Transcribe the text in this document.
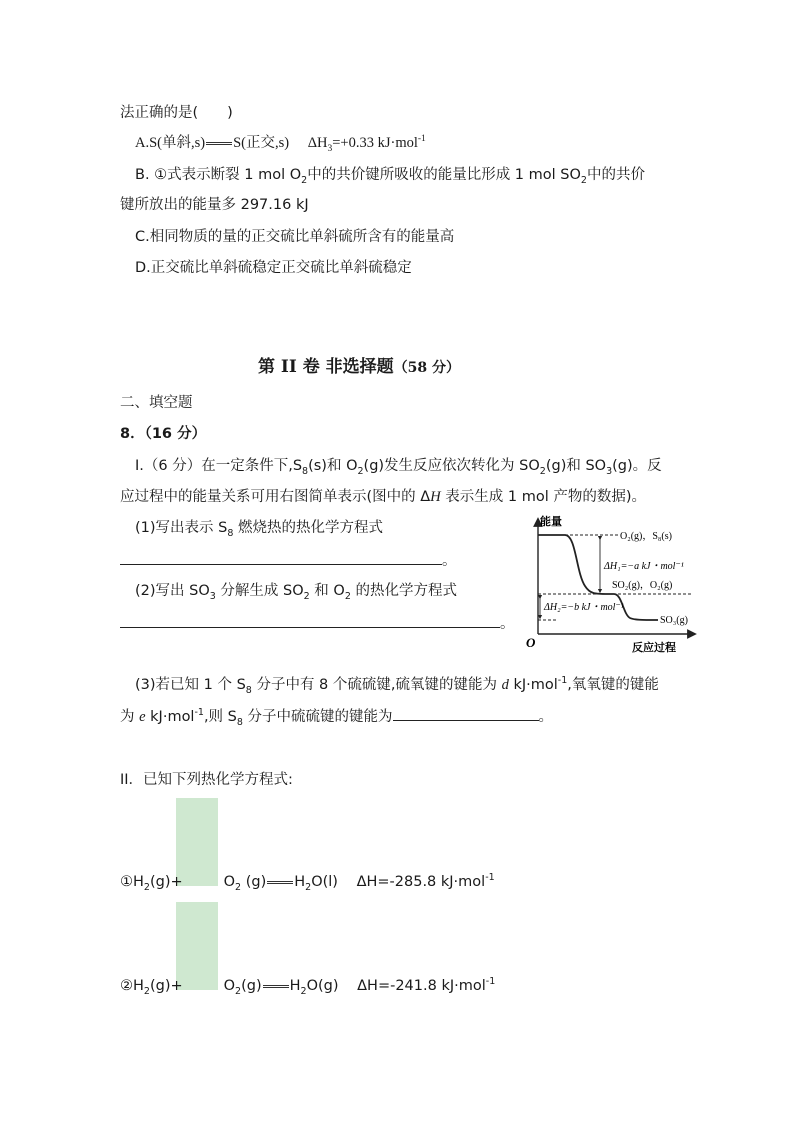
法正确的是(　　)
A.S(单斜,s) S(正交,s) $\Delta H_3=+0.33$ kJ·mol$^{-1}$
B. ①式表示断裂 1 mol $O_2$中的共价键所吸收的能量比形成 1 mol $SO_2$中的共价
键所放出的能量多 297.16 kJ
C.相同物质的量的正交硫比单斜硫所含有的能量高
D.正交硫比单斜硫稳定正交硫比单斜硫稳定
第 II 卷 非选择题（58 分）
二、填空题
8．（16 分）
Ⅰ.（6 分）在一定条件下$,S_8(s)$和 $O_2(g)$发生反应依次转化为 $SO_2(g)$和 $SO_3(g)$。反
应过程中的能量关系可用右图简单表示(图中的 ΔH 表示生成 1 mol 产物的数据)。
(1)写出表示 $S_8$ 燃烧热的热化学方程式
。
(2)写出 $SO_3$ 分解生成 $SO_2$ 和 $O_2$ 的热化学方程式
。
(3)若已知 1 个 $S_8$ 分子中有 8 个硫硫键,硫氧键的键能为 d kJ·mol$^{-1}$,氧氧键的键能
为 e kJ·mol$^{-1}$,则 $S_8$ 分子中硫硫键的键能为	。
能量
O	反应过程
O₂(g)，S₈(s)
ΔH₁=−a kJ・mol⁻¹
SO₂(g)，O₂(g)
ΔH₂=−b kJ・mol⁻¹
SO₃(g)
II．已知下列热化学方程式:
$①H_2(g)+$	$O_2$ (g) $H_2O(l)$ ΔH=-285.8 kJ·mol$^{-1}$
$②H_2(g)+$	$O_2(g)$ $H_2O(g)$ ΔH=-241.8 kJ·mol$^{-1}$
